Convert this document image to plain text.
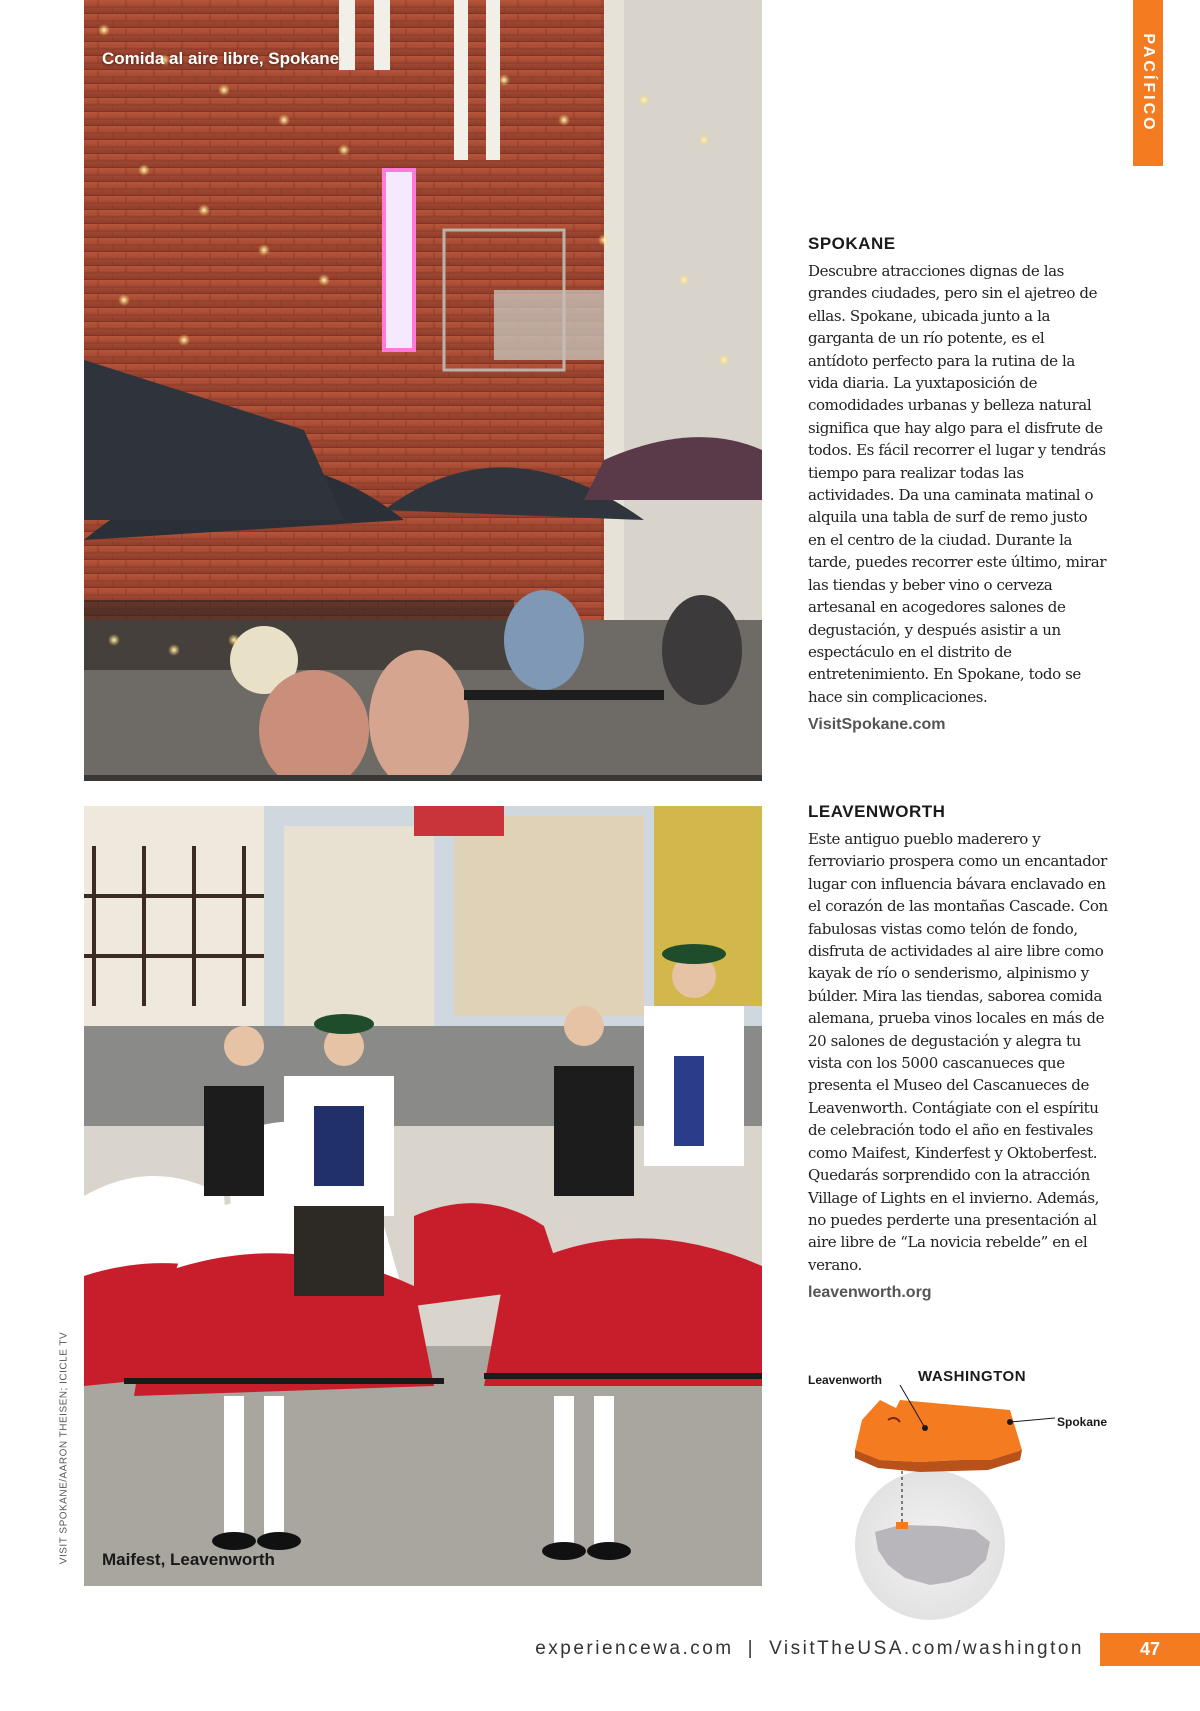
PACÍFICO
Comida al aire libre, Spokane
Maifest, Leavenworth
VISIT SPOKANE/AARON THEISEN; ICICLE TV
SPOKANE

Descubre atracciones dignas de las grandes ciudades, pero sin el ajetreo de ellas. Spokane, ubicada junto a la garganta de un río potente, es el antídoto perfecto para la rutina de la vida diaria. La yuxtaposición de comodidades urbanas y belleza natural significa que hay algo para el disfrute de todos. Es fácil recorrer el lugar y tendrás tiempo para realizar todas las actividades. Da una caminata matinal o alquila una tabla de surf de remo justo en el centro de la ciudad. Durante la tarde, puedes recorrer este último, mirar las tiendas y beber vino o cerveza artesanal en acogedores salones de degustación, y después asistir a un espectáculo en el distrito de entretenimiento. En Spokane, todo se hace sin complicaciones.

VisitSpokane.com
LEAVENWORTH

Este antiguo pueblo maderero y ferroviario prospera como un encantador lugar con influencia bávara enclavado en el corazón de las montañas Cascade. Con fabulosas vistas como telón de fondo, disfruta de actividades al aire libre como kayak de río o senderismo, alpinismo y búlder. Mira las tiendas, saborea comida alemana, prueba vinos locales en más de 20 salones de degustación y alegra tu vista con los 5000 cascanueces que presenta el Museo del Cascanueces de Leavenworth. Contágiate con el espíritu de celebración todo el año en festivales como Maifest, Kinderfest y Oktoberfest. Quedarás sorprendido con la atracción Village of Lights en el invierno. Además, no puedes perderte una presentación al aire libre de “La novicia rebelde” en el verano.

leavenworth.org
WASHINGTON
Leavenworth
Spokane
experiencewa.com | VisitTheUSA.com/washington	47
